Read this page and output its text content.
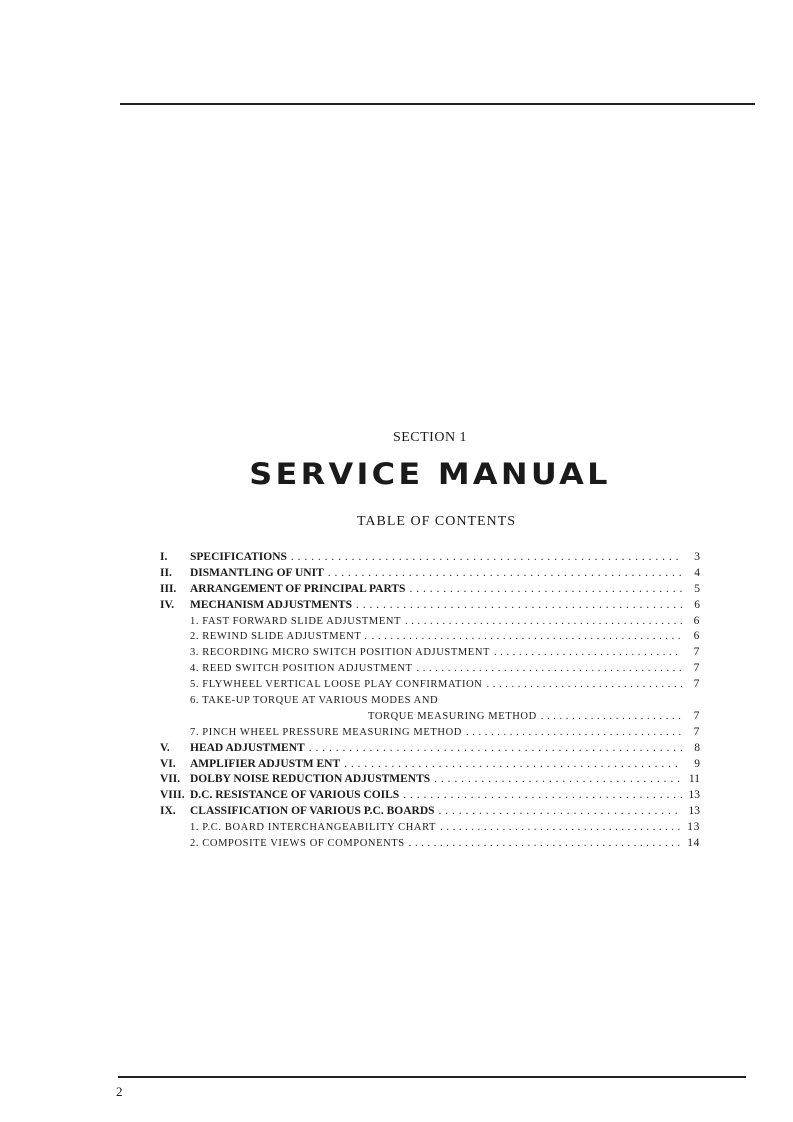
SECTION 1
SERVICE MANUAL
TABLE OF CONTENTS
I.	SPECIFICATIONS . . .	3
II.	DISMANTLING OF UNIT . . .	4
III.	ARRANGEMENT OF PRINCIPAL PARTS . . .	5
IV.	MECHANISM ADJUSTMENTS . . .	6
1. FAST FORWARD SLIDE ADJUSTMENT . . .	6
2. REWIND SLIDE ADJUSTMENT . . . .	6
3. RECORDING MICRO SWITCH POSITION ADJUSTMENT . . .	7
4. REED SWITCH POSITION ADJUSTMENT . . .	7
5. FLYWHEEL VERTICAL LOOSE PLAY CONFIRMATION . . .	7
6. TAKE-UP TORQUE AT VARIOUS MODES AND
TORQUE MEASURING METHOD . . .	7
7. PINCH WHEEL PRESSURE MEASURING METHOD . . .	7
V.	HEAD ADJUSTMENT . . .	8
VI.	AMPLIFIER ADJUSTM ENT . . .	9
VII. DOLBY NOISE REDUCTION ADJUSTMENTS . . .	11
VIII. D.C. RESISTANCE OF VARIOUS COILS . . .	13
IX.	CLASSIFICATION OF VARIOUS P.C. BOARDS . . .	13
1. P.C. BOARD INTERCHANGEABILITY CHART . . .	13
2. COMPOSITE VIEWS OF COMPONENTS . . .	14
2
